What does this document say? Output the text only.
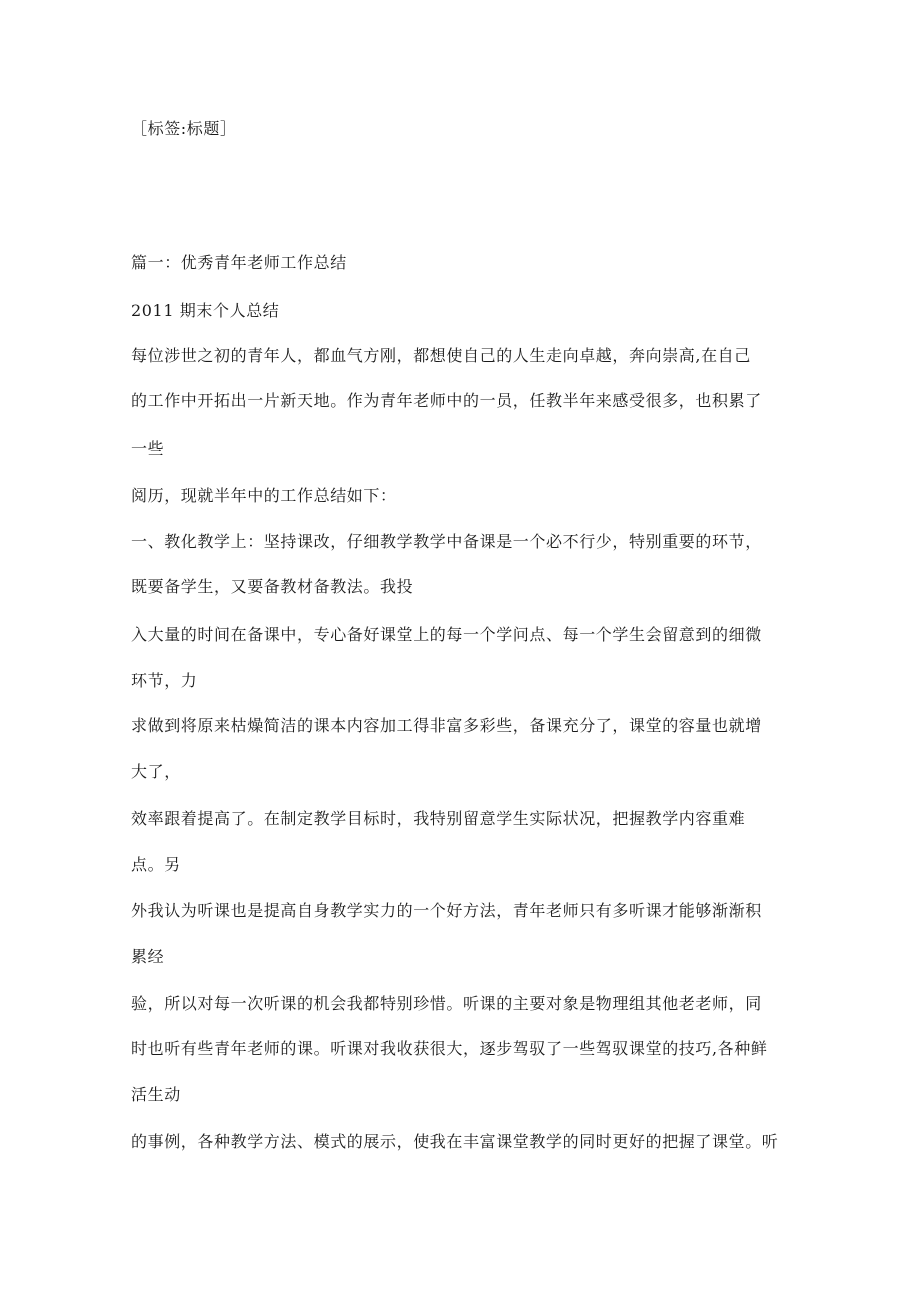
［标签:标题］
篇一：优秀青年老师工作总结
2011 期末个人总结
每位涉世之初的青年人，都血气方刚，都想使自己的人生走向卓越，奔向崇高,在自己
的工作中开拓出一片新天地。作为青年老师中的一员，任教半年来感受很多，也积累了
一些
阅历，现就半年中的工作总结如下：
一、教化教学上：坚持课改，仔细教学教学中备课是一个必不行少，特别重要的环节，
既要备学生，又要备教材备教法。我投
入大量的时间在备课中，专心备好课堂上的每一个学问点、每一个学生会留意到的细微
环节，力
求做到将原来枯燥简洁的课本内容加工得非富多彩些，备课充分了，课堂的容量也就增
大了，
效率跟着提高了。在制定教学目标时，我特别留意学生实际状况，把握教学内容重难
点。另
外我认为听课也是提高自身教学实力的一个好方法，青年老师只有多听课才能够渐渐积
累经
验，所以对每一次听课的机会我都特别珍惜。听课的主要对象是物理组其他老老师，同
时也听有些青年老师的课。听课对我收获很大，逐步驾驭了一些驾驭课堂的技巧,各种鲜
活生动
的事例，各种教学方法、模式的展示，使我在丰富课堂教学的同时更好的把握了课堂。听
